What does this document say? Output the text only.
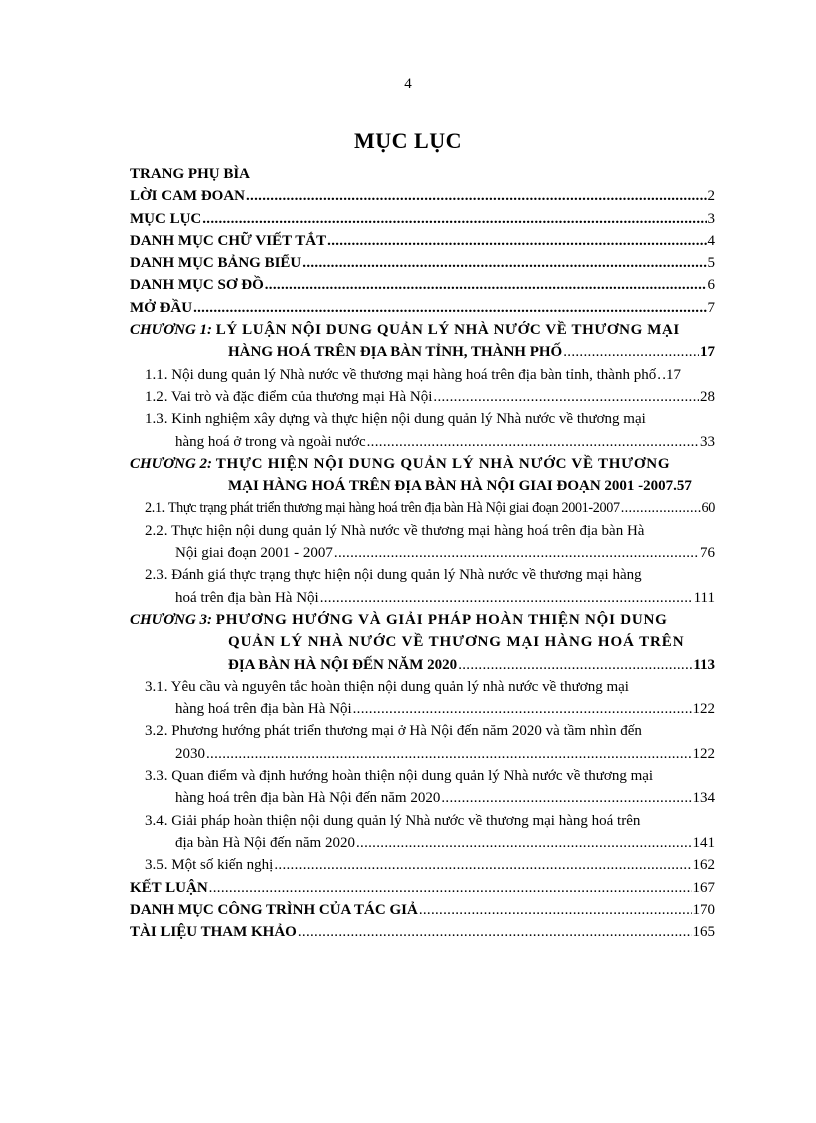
4
MỤC LỤC
TRANG PHỤ BÌA
LỜI CAM ĐOAN .....	2
MỤC LỤC .....	3
DANH MỤC CHỮ VIẾT TẮT .....	4
DANH MỤC BẢNG BIỂU .....	5
DANH MỤC SƠ ĐỒ .....	6
MỞ ĐẦU .....	7
CHƯƠNG 1: LÝ LUẬN NỘI DUNG QUẢN LÝ NHÀ NƯỚC VỀ THƯƠNG MẠI
HÀNG HOÁ TRÊN ĐỊA BÀN TỈNH, THÀNH PHỐ .....	17
1.1. Nội dung quản lý Nhà nước về thương mại hàng hoá trên địa bàn tỉnh, thành phố ..... .17
1.2. Vai trò và đặc điểm của thương mại Hà Nội .....	28
1.3. Kinh nghiệm xây dựng và thực hiện nội dung quản lý Nhà nước về thương mại
hàng hoá ở trong và ngoài nước .....	33
CHƯƠNG 2: THỰC HIỆN NỘI DUNG QUẢN LÝ NHÀ NƯỚC VỀ THƯƠNG
MẠI HÀNG HOÁ TRÊN ĐỊA BÀN HÀ NỘI GIAI ĐOẠN 2001 -2007 .57
2.1. Thực trạng phát triển thương mại hàng hoá trên địa bàn Hà Nội giai đoạn 2001-2007 .....	60
2.2. Thực hiện nội dung quản lý Nhà nước về thương mại hàng hoá trên địa bàn Hà
Nội giai đoạn 2001 - 2007 .....	76
2.3. Đánh giá thực trạng thực hiện nội dung quản lý Nhà nước về thương mại hàng
hoá trên địa bàn Hà Nội .....	111
CHƯƠNG 3: PHƯƠNG HƯỚNG VÀ GIẢI PHÁP HOÀN THIỆN NỘI DUNG
QUẢN LÝ NHÀ NƯỚC VỀ THƯƠNG MẠI HÀNG HOÁ TRÊN
ĐỊA BÀN HÀ NỘI ĐẾN NĂM 2020 .....	113
3.1. Yêu cầu và nguyên tắc hoàn thiện nội dung quản lý nhà nước về thương mại
hàng hoá trên địa bàn Hà Nội .....	122
3.2. Phương hướng phát triển thương mại ở Hà Nội đến năm 2020 và tầm nhìn đến
2030 .....	122
3.3. Quan điểm và định hướng hoàn thiện nội dung quản lý Nhà nước về thương mại
hàng hoá trên địa bàn Hà Nội đến năm 2020 .....	134
3.4. Giải pháp hoàn thiện nội dung quản lý Nhà nước về thương mại hàng hoá trên
địa bàn Hà Nội đến năm 2020 .....	141
3.5. Một số kiến nghị .....	162
KẾT LUẬN .....	167
DANH MỤC CÔNG TRÌNH CỦA TÁC GIẢ .....	170
TÀI LIỆU THAM KHẢO .....	165
